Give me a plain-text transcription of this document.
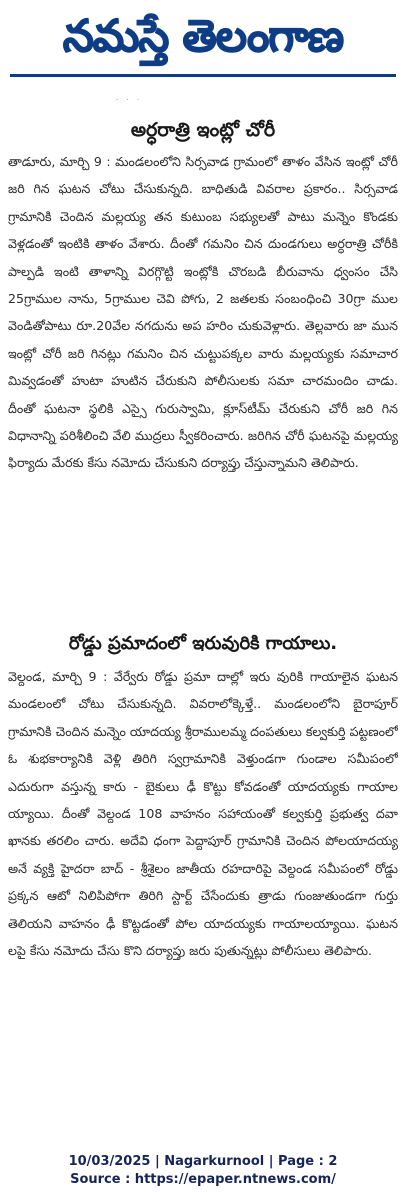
నమస్తే తెలంగాణ
· · ·
అర్ధరాత్రి ఇంట్లో చోరీ

తాడూరు, మార్చి 9 : మండలంలోని సిర్సవాడ గ్రామంలో తాళం వేసిన ఇంట్లో చోరీ జరి గిన ఘటన చోటు చేసుకున్నది. బాధితుడి వివరాల ప్రకారం.. సిర్సవాడ గ్రామానికి చెందిన మల్లయ్య తన కుటుంబ సభ్యులతో పాటు మన్నెం కొండకు వెళ్లడంతో ఇంటికి తాళం వేశారు. దీంతో గమనిం చిన దుండగులు అర్ధరాత్రి చోరీకి పాల్పడి ఇంటి తాళాన్ని విరగ్గొట్టి ఇంట్లోకి చొరబడి బీరువాను ధ్వంసం చేసి 25గ్రాముల నాను, 5గ్రాముల చెవి పోగు, 2 జతలకు సంబంధించి 30గ్రా ముల వెండితోపాటు రూ.20వేల నగదును అప హరిం చుకువెళ్లారు. తెల్లవారు జా మున ఇంట్లో చోరీ జరి గినట్లు గమనిం చిన చుట్టుపక్కల వారు మల్లయ్యకు సమాచార మివ్వడంతో హుటా హుటిన చేరుకుని పోలీసులకు సమా చారమందిం చాడు. దీంతో ఘటనా స్థలికి ఎస్సై గురుస్వామి, క్లూస్‌టీమ్ చేరుకుని చోరీ జరి గిన విధానాన్ని పరిశీలించి వేలి ముద్రలు స్వీకరించారు. జరిగిన చోరీ ఘటనపై మల్లయ్య ఫిర్యాదు మేరకు కేసు నమోదు చేసుకుని దర్యాప్తు చేస్తున్నామని తెలిపారు.

రోడ్డు ప్రమాదంలో ఇరువురికి గాయాలు.

వెల్దండ, మార్చి 9 : వేర్వేరు రోడ్డు ప్రమా దాల్లో ఇరు వురికి గాయాలైన ఘటన మండలంలో చోటు చేసుకున్నది. వివరాలోక్కెళ్తే.. మండలంలోని బైరాపూర్ గ్రామానికి చెందిన మన్నెం యాదయ్య శ్రీరాములమ్మ దంపతులు కల్వకుర్తి పట్టణంలో ఓ శుభకార్యానికి వెళ్లి తిరిగి స్వగ్రామానికి వెళ్తుండగా గుండాల సమీపంలో ఎదురుగా వస్తున్న కారు - బైకులు ఢీ కొట్టు కోవడంతో యాదయ్యకు గాయాల య్యాయి. దీంతో వెల్దండ 108 వాహనం సహాయంతో కల్వకుర్తి ప్రభుత్వ దవా ఖానకు తరలిం చారు. అదేవి ధంగా పెద్దాపూర్ గ్రామానికి చెందిన పోలయాదయ్య అనే వ్యక్తి హైదరా బాద్ - శ్రీశైలం జాతీయ రహదారిపై వెల్దండ సమీపంలో రోడ్డు ప్రక్కన ఆటో నిలిపిపోగా తిరిగి స్టార్ట్ చేసేందుకు త్రాడు గుంజుతుండగా గుర్తు తెలియని వాహనం ఢీ కొట్టడంతో పోల యాదయ్యకు గాయాలయ్యాయి. ఘటన లపై కేసు నమోదు చేసు కొని దర్యాప్తు జరు పుతున్నట్లు పోలీసులు తెలిపారు.

10/03/2025 | Nagarkurnool | Page : 2
Source : https://epaper.ntnews.com/
